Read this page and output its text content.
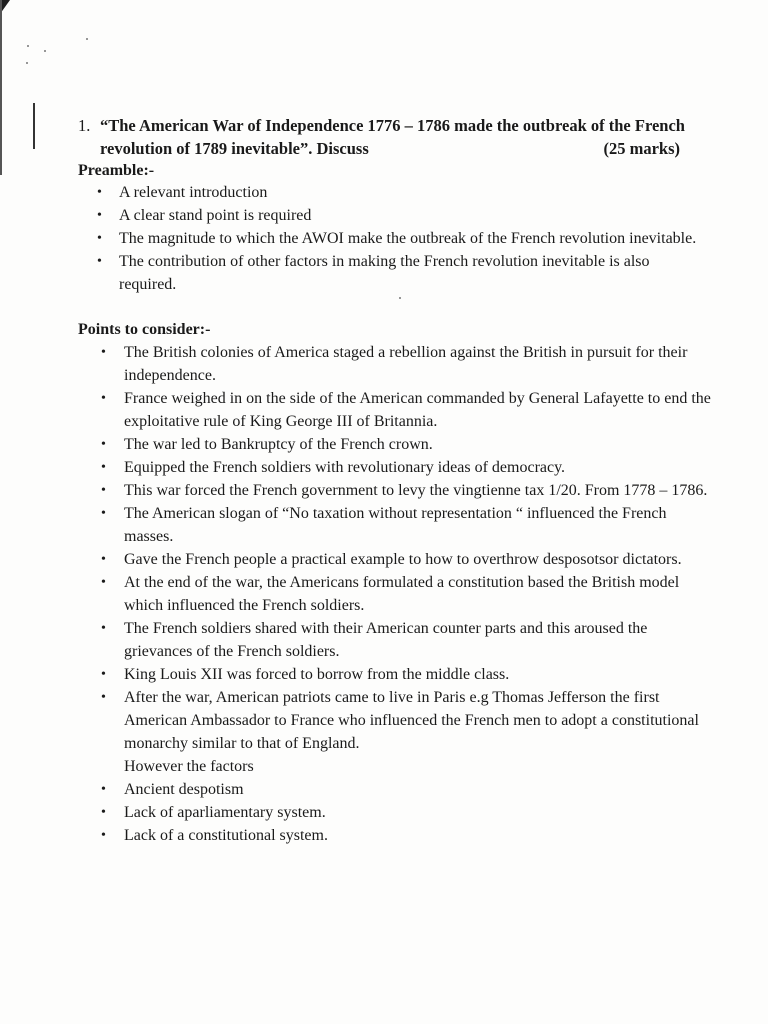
1. “The American War of Independence 1776 – 1786 made the outbreak of the French revolution of 1789 inevitable”. Discuss	(25 marks)
Preamble:-
• A relevant introduction
• A clear stand point is required
• The magnitude to which the AWOI make the outbreak of the French revolution inevitable.
• The contribution of other factors in making the French revolution inevitable is also required.
Points to consider:-
• The British colonies of America staged a rebellion against the British in pursuit for their independence.
• France weighed in on the side of the American commanded by General Lafayette to end the exploitative rule of King George III of Britannia.
• The war led to Bankruptcy of the French crown.
• Equipped the French soldiers with revolutionary ideas of democracy.
• This war forced the French government to levy the vingtienne tax 1/20. From 1778 – 1786.
• The American slogan of “No taxation without representation “ influenced the French masses.
• Gave the French people a practical example to how to overthrow desposotsor dictators.
• At the end of the war, the Americans formulated a constitution based the British model which influenced the French soldiers.
• The French soldiers shared with their American counter parts and this aroused the grievances of the French soldiers.
• King Louis XII was forced to borrow from the middle class.
• After the war, American patriots came to live in Paris e.g Thomas Jefferson the first American Ambassador to France who influenced the French men to adopt a constitutional monarchy similar to that of England.
However the factors
• Ancient despotism
• Lack of aparliamentary system.
• Lack of a constitutional system.
